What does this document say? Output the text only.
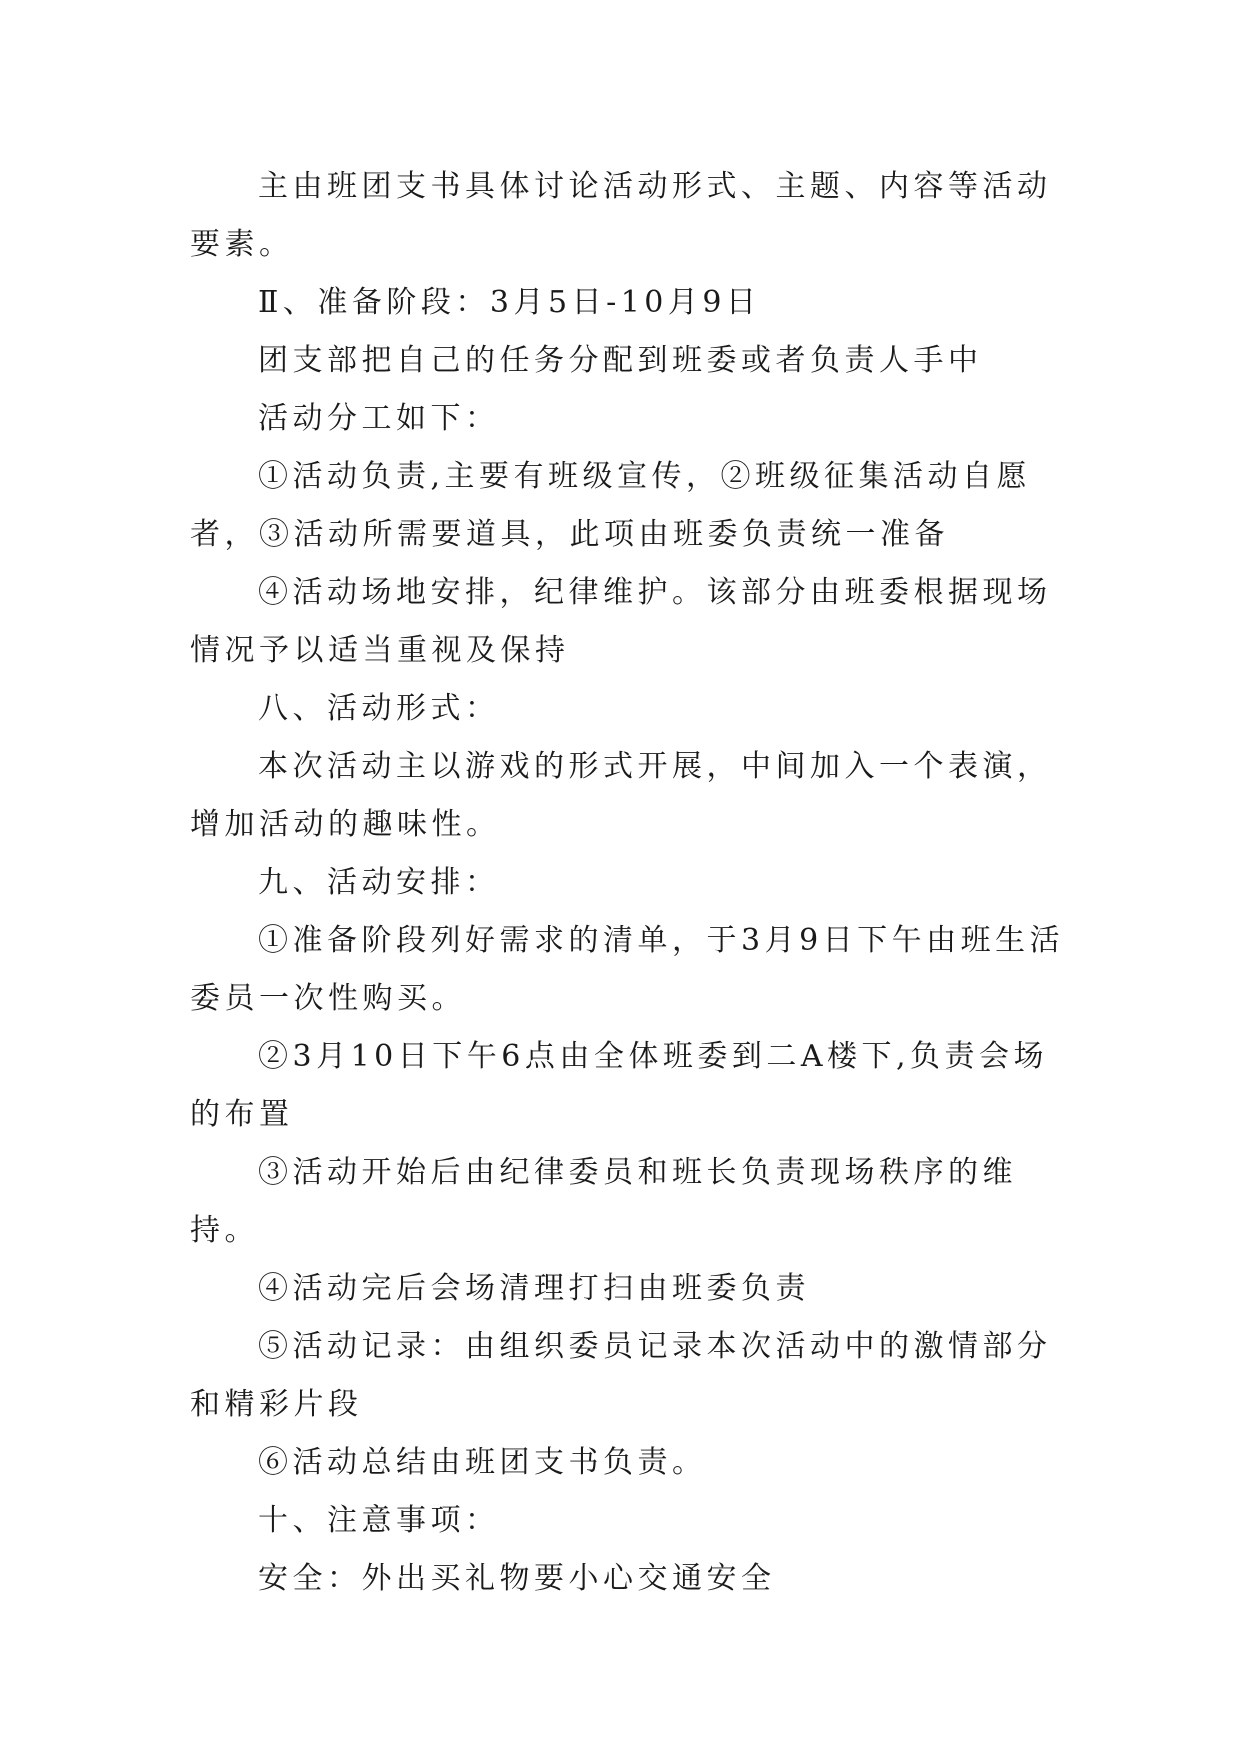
主由班团支书具体讨论活动形式、主题、内容等活动要素。

Ⅱ、准备阶段：3月5日-10月9日

团支部把自己的任务分配到班委或者负责人手中

活动分工如下：

①活动负责,主要有班级宣传，②班级征集活动自愿者，③活动所需要道具，此项由班委负责统一准备

④活动场地安排，纪律维护。该部分由班委根据现场情况予以适当重视及保持

八、活动形式：

本次活动主以游戏的形式开展，中间加入一个表演，增加活动的趣味性。

九、活动安排：

①准备阶段列好需求的清单，于3月9日下午由班生活委员一次性购买。

②3月10日下午6点由全体班委到二A楼下,负责会场的布置

③活动开始后由纪律委员和班长负责现场秩序的维持。

④活动完后会场清理打扫由班委负责

⑤活动记录：由组织委员记录本次活动中的激情部分和精彩片段

⑥活动总结由班团支书负责。

十、注意事项：

安全：外出买礼物要小心交通安全
